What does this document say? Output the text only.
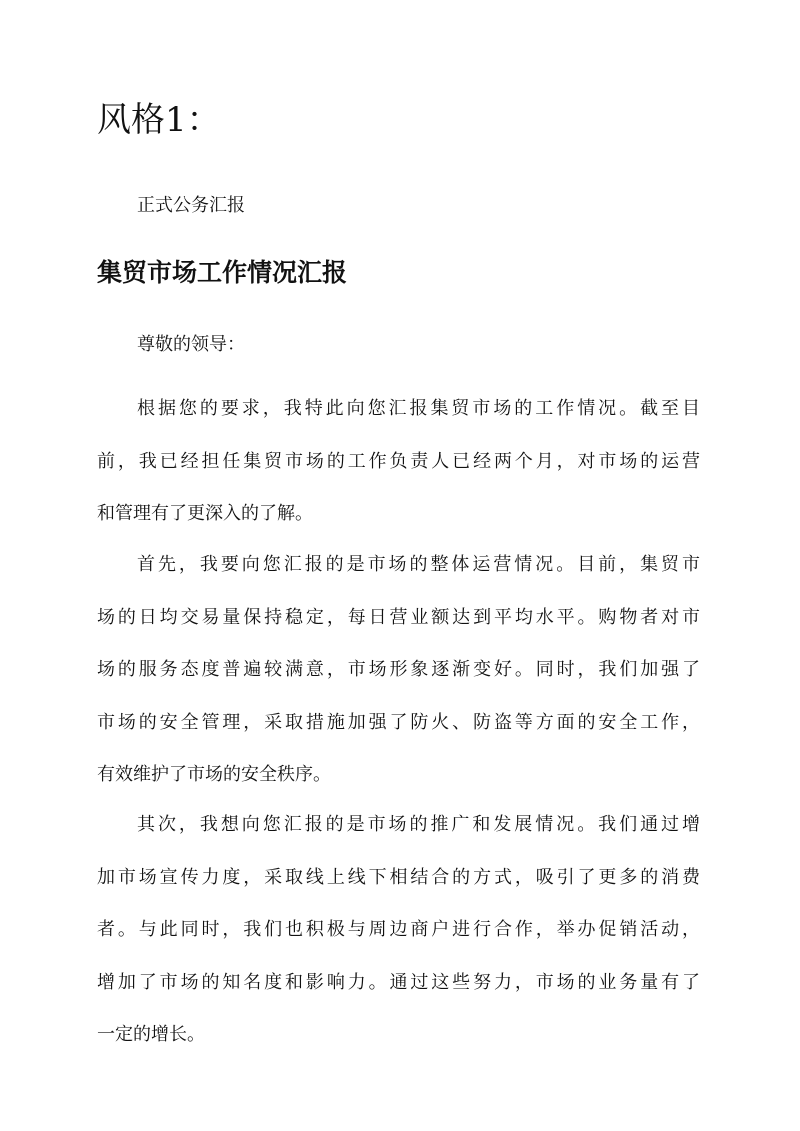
风格1：

正式公务汇报

集贸市场工作情况汇报

尊敬的领导：

根据您的要求，我特此向您汇报集贸市场的工作情况。截至目
前，我已经担任集贸市场的工作负责人已经两个月，对市场的运营
和管理有了更深入的了解。
首先，我要向您汇报的是市场的整体运营情况。目前，集贸市
场的日均交易量保持稳定，每日营业额达到平均水平。购物者对市
场的服务态度普遍较满意，市场形象逐渐变好。同时，我们加强了
市场的安全管理，采取措施加强了防火、防盗等方面的安全工作，
有效维护了市场的安全秩序。
其次，我想向您汇报的是市场的推广和发展情况。我们通过增
加市场宣传力度，采取线上线下相结合的方式，吸引了更多的消费
者。与此同时，我们也积极与周边商户进行合作，举办促销活动，
增加了市场的知名度和影响力。通过这些努力，市场的业务量有了
一定的增长。
